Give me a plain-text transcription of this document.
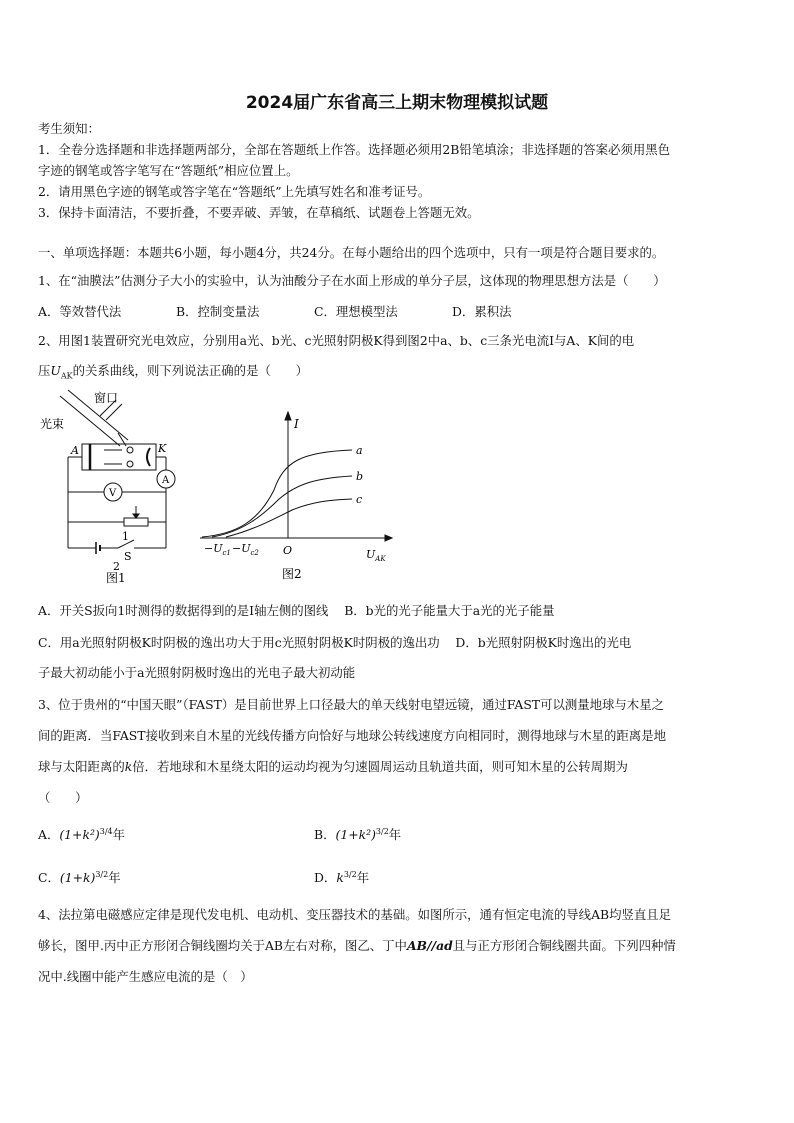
2024届广东省高三上期末物理模拟试题
考生须知：
1．全卷分选择题和非选择题两部分，全部在答题纸上作答。选择题必须用2B铅笔填涂；非选择题的答案必须用黑色
字迹的钢笔或答字笔写在“答题纸”相应位置上。
2．请用黑色字迹的钢笔或答字笔在“答题纸”上先填写姓名和准考证号。
3．保持卡面清洁，不要折叠，不要弄破、弄皱，在草稿纸、试题卷上答题无效。
一、单项选择题：本题共6小题，每小题4分，共24分。在每小题给出的四个选项中，只有一项是符合题目要求的。
1、在“油膜法”估测分子大小的实验中，认为油酸分子在水面上形成的单分子层，这体现的物理思想方法是（　　）
A．等效替代法	B．控制变量法	C．理想模型法	D．累积法
2、用图1装置研究光电效应，分别用a光、b光、c光照射阴极K得到图2中a、b、c三条光电流I与A、K间的电
压$U_{AK}$的关系曲线，则下列说法正确的是（　　）
窗口
光束
A	K
V
A
1
2
S
图1
I
a
b
c
O
$-U_{c1} -U_{c2}$	$U_{AK}$
图2
A．开关S扳向1时测得的数据得到的是I轴左侧的图线 B．b光的光子能量大于a光的光子能量
C．用a光照射阴极K时阴极的逸出功大于用c光照射阴极K时阴极的逸出功 D．b光照射阴极K时逸出的光电
子最大初动能小于a光照射阴极时逸出的光电子最大初动能
3、位于贵州的“中国天眼”（FAST）是目前世界上口径最大的单天线射电望远镜，通过FAST可以测量地球与木星之
间的距离．当FAST接收到来自木星的光线传播方向恰好与地球公转线速度方向相同时，测得地球与木星的距离是地
球与太阳距离的k倍．若地球和木星绕太阳的运动均视为匀速圆周运动且轨道共面，则可知木星的公转周期为
（　　）
A．$(1+k^2)^{3/4}$年	B．$(1+k^2)^{3/2}$年
C．$(1+k)^{3/2}$年	D．$k^{3/2}$年
4、法拉第电磁感应定律是现代发电机、电动机、变压器技术的基础。如图所示，通有恒定电流的导线AB均竖直且足
够长，图甲.丙中正方形闭合铜线圈均关于AB左右对称，图乙、丁中AB//ad且与正方形闭合铜线圈共面。下列四种情
况中.线圈中能产生感应电流的是（　）
